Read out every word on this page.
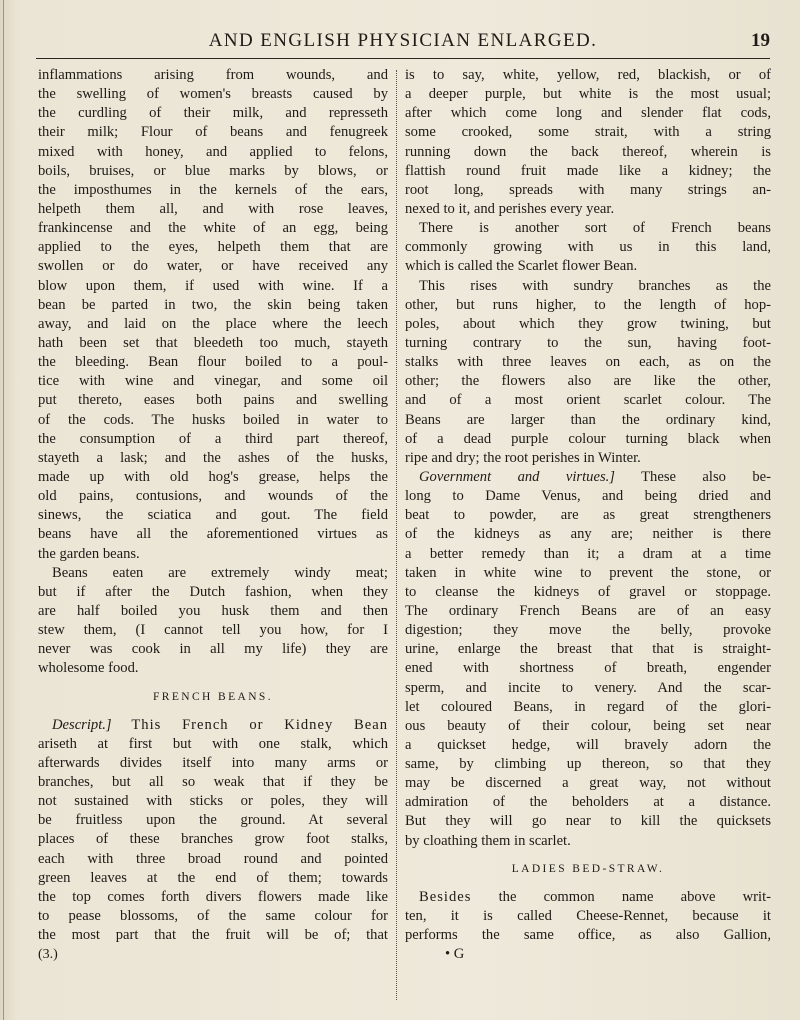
AND ENGLISH PHYSICIAN ENLARGED.	19
inflammations arising from wounds, and
the swelling of women's breasts caused by
the curdling of their milk, and represseth
their milk; Flour of beans and fenugreek
mixed with honey, and applied to felons,
boils, bruises, or blue marks by blows, or
the imposthumes in the kernels of the ears,
helpeth them all, and with rose leaves,
frankincense and the white of an egg, being
applied to the eyes, helpeth them that are
swollen or do water, or have received any
blow upon them, if used with wine. If a
bean be parted in two, the skin being taken
away, and laid on the place where the leech
hath been set that bleedeth too much, stayeth
the bleeding. Bean flour boiled to a poul-
tice with wine and vinegar, and some oil
put thereto, eases both pains and swelling
of the cods. The husks boiled in water to
the consumption of a third part thereof,
stayeth a lask; and the ashes of the husks,
made up with old hog's grease, helps the
old pains, contusions, and wounds of the
sinews, the sciatica and gout. The field
beans have all the aforementioned virtues as
the garden beans.
Beans eaten are extremely windy meat;
but if after the Dutch fashion, when they
are half boiled you husk them and then
stew them, (I cannot tell you how, for I
never was cook in all my life) they are
wholesome food.
FRENCH BEANS.
Descript.] This French or Kidney Bean
ariseth at first but with one stalk, which
afterwards divides itself into many arms or
branches, but all so weak that if they be
not sustained with sticks or poles, they will
be fruitless upon the ground. At several
places of these branches grow foot stalks,
each with three broad round and pointed
green leaves at the end of them; towards
the top comes forth divers flowers made like
to pease blossoms, of the same colour for
the most part that the fruit will be of; that
(3.)
is to say, white, yellow, red, blackish, or of
a deeper purple, but white is the most usual;
after which come long and slender flat cods,
some crooked, some strait, with a string
running down the back thereof, wherein is
flattish round fruit made like a kidney; the
root long, spreads with many strings an-
nexed to it, and perishes every year.
There is another sort of French beans
commonly growing with us in this land,
which is called the Scarlet flower Bean.
This rises with sundry branches as the
other, but runs higher, to the length of hop-
poles, about which they grow twining, but
turning contrary to the sun, having foot-
stalks with three leaves on each, as on the
other; the flowers also are like the other,
and of a most orient scarlet colour. The
Beans are larger than the ordinary kind,
of a dead purple colour turning black when
ripe and dry; the root perishes in Winter.
Government and virtues.] These also be-
long to Dame Venus, and being dried and
beat to powder, are as great strengtheners
of the kidneys as any are; neither is there
a better remedy than it; a dram at a time
taken in white wine to prevent the stone, or
to cleanse the kidneys of gravel or stoppage.
The ordinary French Beans are of an easy
digestion; they move the belly, provoke
urine, enlarge the breast that that is straight-
ened with shortness of breath, engender
sperm, and incite to venery. And the scar-
let coloured Beans, in regard of the glori-
ous beauty of their colour, being set near
a quickset hedge, will bravely adorn the
same, by climbing up thereon, so that they
may be discerned a great way, not without
admiration of the beholders at a distance.
But they will go near to kill the quicksets
by cloathing them in scarlet.
LADIES BED-STRAW.
Besides the common name above writ-
ten, it is called Cheese-Rennet, because it
performs the same office, as also Gallion,
• G
